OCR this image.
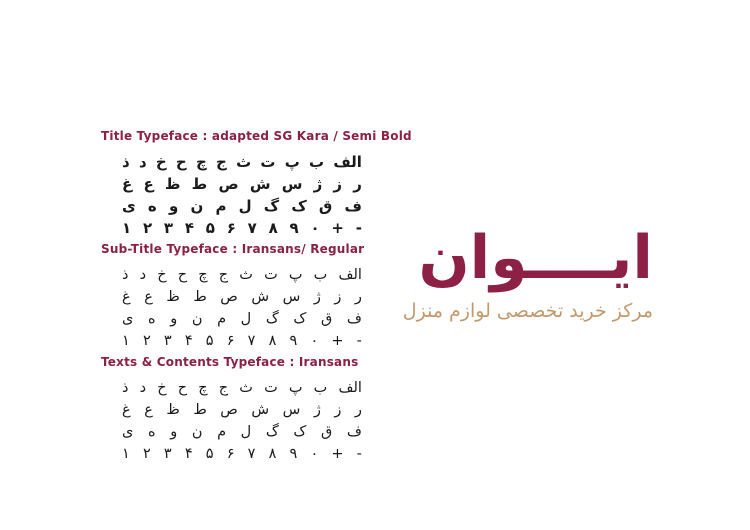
Title Typeface : adapted SG Kara / Semi Bold
الف
ب
پ
ت
ث
ج
چ
ح
خ
د
ذ
ر
ز
ژ
س
ش
ص
ط
ظ
ع
غ
ف
ق
ک
گ
ل
م
ن
و
ه
ی
۱ ۲ ۳ ۴ ۵ ۶ ۷ ۸ ۹ ۰ + -
Sub-Title Typeface : Iransans/ Regular
الف
ب
پ
ت
ث
ج
چ
ح
خ
د
ذ
ر
ز
ژ
س
ش
ص
ط
ظ
ع
غ
ف
ق
ک
گ
ل
م
ن
و
ه
ی
۱ ۲ ۳ ۴ ۵ ۶ ۷ ۸ ۹ ۰ + -
Texts & Contents Typeface : Iransans
الف
ب
پ
ت
ث
ج
چ
ح
خ
د
ذ
ر
ز
ژ
س
ش
ص
ط
ظ
ع
غ
ف
ق
ک
گ
ل
م
ن
و
ه
ی
۱ ۲ ۳ ۴ ۵ ۶ ۷ ۸ ۹ ۰ + -
ایــــوان
مرکز خرید تخصصی لوازم منزل
